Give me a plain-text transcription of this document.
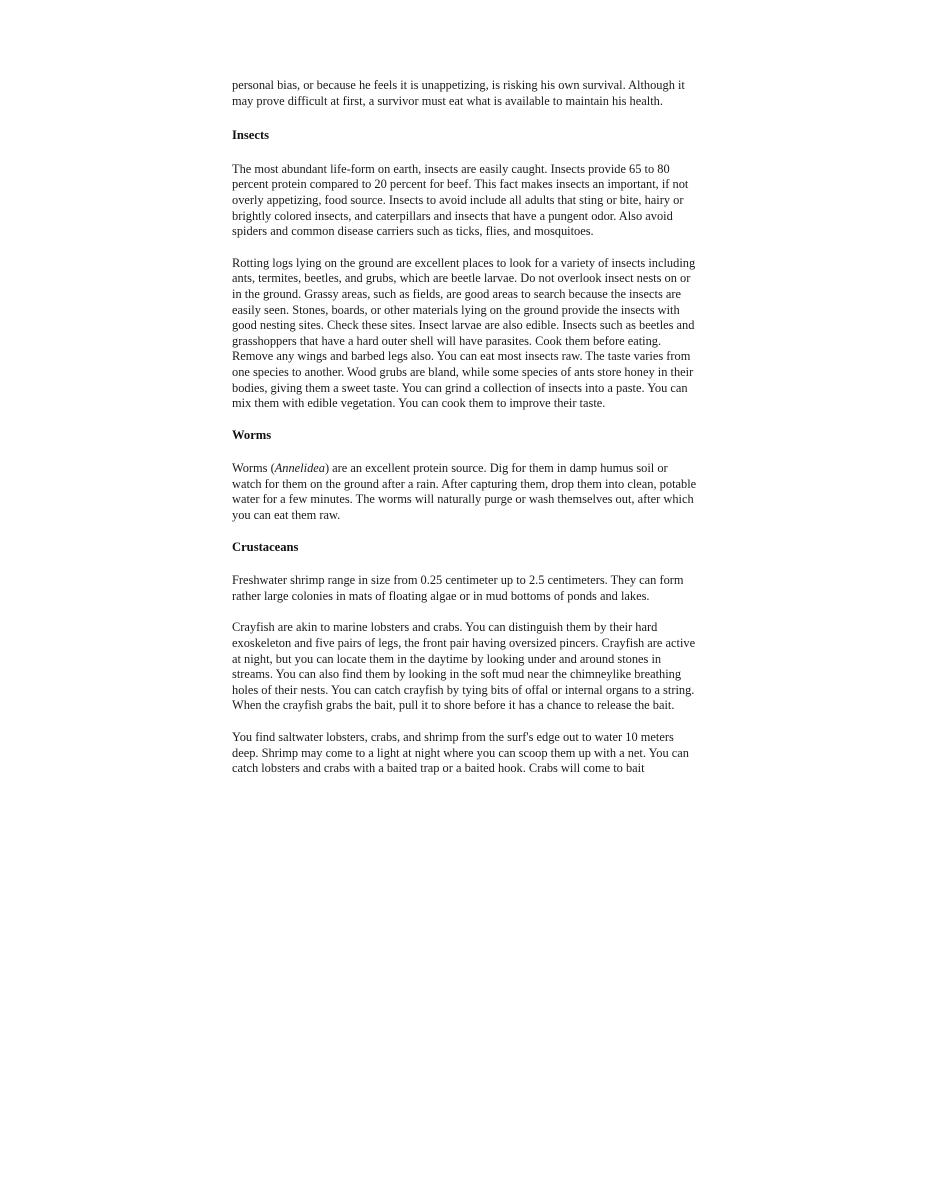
personal bias, or because he feels it is unappetizing, is risking his own survival. Although it may prove difficult at first, a survivor must eat what is available to maintain his health.

Insects

The most abundant life-form on earth, insects are easily caught. Insects provide 65 to 80 percent protein compared to 20 percent for beef. This fact makes insects an important, if not overly appetizing, food source. Insects to avoid include all adults that sting or bite, hairy or brightly colored insects, and caterpillars and insects that have a pungent odor. Also avoid spiders and common disease carriers such as ticks, flies, and mosquitoes.

Rotting logs lying on the ground are excellent places to look for a variety of insects including ants, termites, beetles, and grubs, which are beetle larvae. Do not overlook insect nests on or in the ground. Grassy areas, such as fields, are good areas to search because the insects are easily seen. Stones, boards, or other materials lying on the ground provide the insects with good nesting sites. Check these sites. Insect larvae are also edible. Insects such as beetles and grasshoppers that have a hard outer shell will have parasites. Cook them before eating. Remove any wings and barbed legs also. You can eat most insects raw. The taste varies from one species to another. Wood grubs are bland, while some species of ants store honey in their bodies, giving them a sweet taste. You can grind a collection of insects into a paste. You can mix them with edible vegetation. You can cook them to improve their taste.

Worms

Worms (Annelidea) are an excellent protein source. Dig for them in damp humus soil or watch for them on the ground after a rain. After capturing them, drop them into clean, potable water for a few minutes. The worms will naturally purge or wash themselves out, after which you can eat them raw.

Crustaceans

Freshwater shrimp range in size from 0.25 centimeter up to 2.5 centimeters. They can form rather large colonies in mats of floating algae or in mud bottoms of ponds and lakes.

Crayfish are akin to marine lobsters and crabs. You can distinguish them by their hard exoskeleton and five pairs of legs, the front pair having oversized pincers. Crayfish are active at night, but you can locate them in the daytime by looking under and around stones in streams. You can also find them by looking in the soft mud near the chimneylike breathing holes of their nests. You can catch crayfish by tying bits of offal or internal organs to a string. When the crayfish grabs the bait, pull it to shore before it has a chance to release the bait.

You find saltwater lobsters, crabs, and shrimp from the surf's edge out to water 10 meters deep. Shrimp may come to a light at night where you can scoop them up with a net. You can catch lobsters and crabs with a baited trap or a baited hook. Crabs will come to bait
